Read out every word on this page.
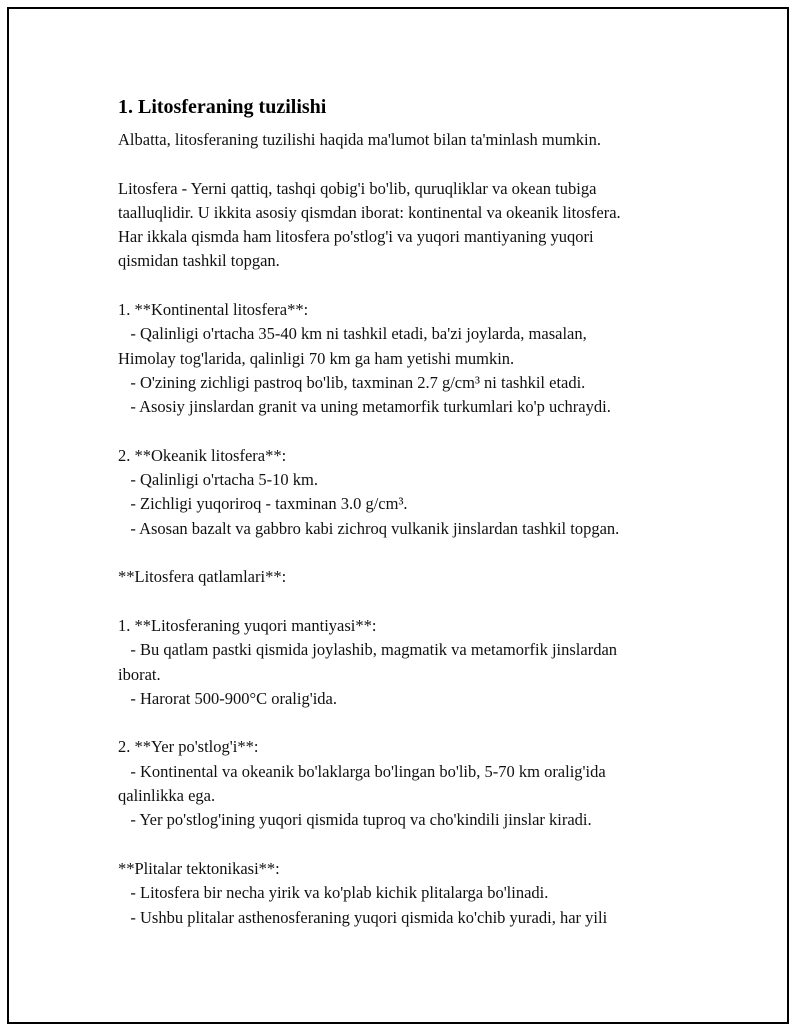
1. Litosferaning tuzilishi
Albatta, litosferaning tuzilishi haqida ma'lumot bilan ta'minlash mumkin.
Litosfera - Yerni qattiq, tashqi qobig'i bo'lib, quruqliklar va okean tubiga
taalluqlidir. U ikkita asosiy qismdan iborat: kontinental va okeanik litosfera.
Har ikkala qismda ham litosfera po'stlog'i va yuqori mantiyaning yuqori
qismidan tashkil topgan.
1. **Kontinental litosfera**:
- Qalinligi o'rtacha 35-40 km ni tashkil etadi, ba'zi joylarda, masalan,
Himolay tog'larida, qalinligi 70 km ga ham yetishi mumkin.
- O'zining zichligi pastroq bo'lib, taxminan 2.7 g/cm³ ni tashkil etadi.
- Asosiy jinslardan granit va uning metamorfik turkumlari ko'p uchraydi.
2. **Okeanik litosfera**:
- Qalinligi o'rtacha 5-10 km.
- Zichligi yuqoriroq - taxminan 3.0 g/cm³.
- Asosan bazalt va gabbro kabi zichroq vulkanik jinslardan tashkil topgan.
**Litosfera qatlamlari**:
1. **Litosferaning yuqori mantiyasi**:
- Bu qatlam pastki qismida joylashib, magmatik va metamorfik jinslardan
iborat.
- Harorat 500-900°C oralig'ida.
2. **Yer po'stlog'i**:
- Kontinental va okeanik bo'laklarga bo'lingan bo'lib, 5-70 km oralig'ida
qalinlikka ega.
- Yer po'stlog'ining yuqori qismida tuproq va cho'kindili jinslar kiradi.
**Plitalar tektonikasi**:
- Litosfera bir necha yirik va ko'plab kichik plitalarga bo'linadi.
- Ushbu plitalar asthenosferaning yuqori qismida ko'chib yuradi, har yili
